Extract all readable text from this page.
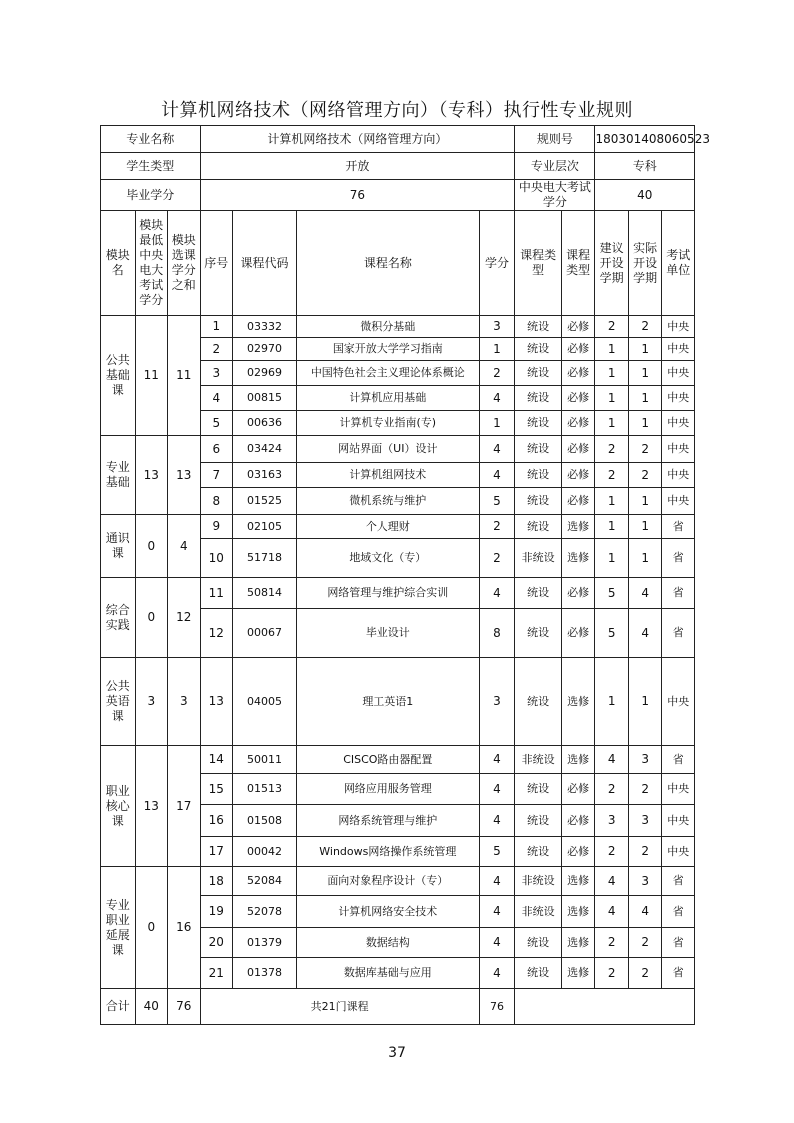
计算机网络技术（网络管理方向）（专科）执行性专业规则
专业名称			计算机网络技术（网络管理方向）				规则号		180301408060523		
学生类型			开放				专业层次		专科		
毕业学分			76				中央电大考试学分		40		
模块名	模块最低中央电大考试学分	模块选课学分之和	序号	课程代码	课程名称	学分	课程类型	课程类型	建议开设学期	实际开设学期	考试单位
公共基础课	11	11	1	03332	微积分基础	3	统设	必修	2	2	中央
			2	02970	国家开放大学学习指南	1	统设	必修	1	1	中央
			3	02969	中国特色社会主义理论体系概论	2	统设	必修	1	1	中央
			4	00815	计算机应用基础	4	统设	必修	1	1	中央
			5	00636	计算机专业指南(专)	1	统设	必修	1	1	中央
专业基础	13	13	6	03424	网站界面（UI）设计	4	统设	必修	2	2	中央
			7	03163	计算机组网技术	4	统设	必修	2	2	中央
			8	01525	微机系统与维护	5	统设	必修	1	1	中央
通识课	0	4	9	02105	个人理财	2	统设	选修	1	1	省
			10	51718	地域文化（专）	2	非统设	选修	1	1	省
综合实践	0	12	11	50814	网络管理与维护综合实训	4	统设	必修	5	4	省
			12	00067	毕业设计	8	统设	必修	5	4	省
公共英语课	3	3	13	04005	理工英语1	3	统设	选修	1	1	中央
职业核心课	13	17	14	50011	CISCO路由器配置	4	非统设	选修	4	3	省
			15	01513	网络应用服务管理	4	统设	必修	2	2	中央
			16	01508	网络系统管理与维护	4	统设	必修	3	3	中央
			17	00042	Windows网络操作系统管理	5	统设	必修	2	2	中央
专业职业延展课	0	16	18	52084	面向对象程序设计（专）	4	非统设	选修	4	3	省
			19	52078	计算机网络安全技术	4	非统设	选修	4	4	省
			20	01379	数据结构	4	统设	选修	2	2	省
			21	01378	数据库基础与应用	4	统设	选修	2	2	省
合计	40	76	共21门课程			76					
37
